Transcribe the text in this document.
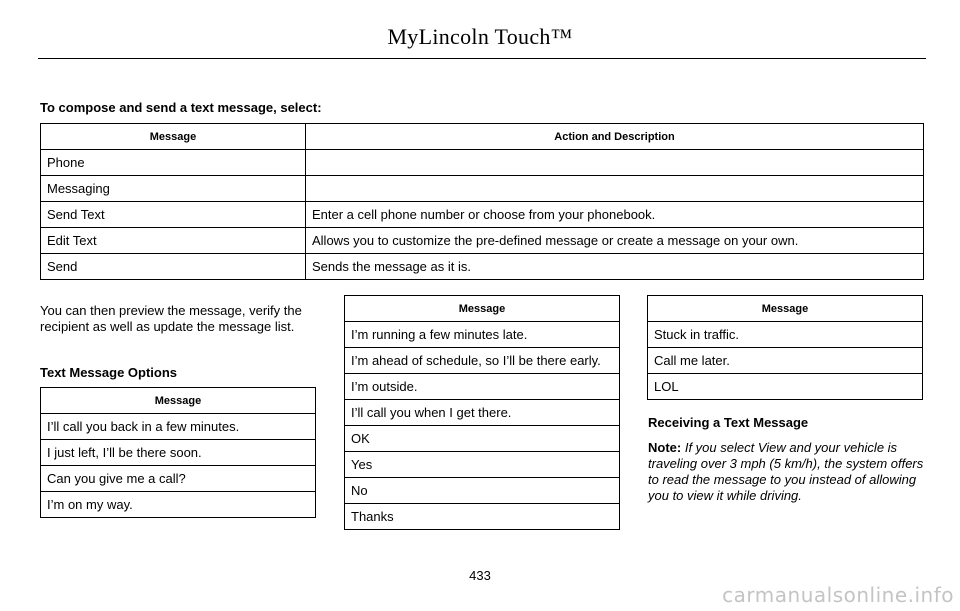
MyLincoln Touch™
To compose and send a text message, select:
Message	Action and Description
Phone	
Messaging	
Send Text	Enter a cell phone number or choose from your phonebook.
Edit Text	Allows you to customize the pre-defined message or create a message on your own.
Send	Sends the message as it is.
You can then preview the message, verify the recipient as well as update the message list.
Text Message Options
Message
I’ll call you back in a few minutes.
I just left, I’ll be there soon.
Can you give me a call?
I’m on my way.
Message
I’m running a few minutes late.
I’m ahead of schedule, so I’ll be there early.
I’m outside.
I’ll call you when I get there.
OK
Yes
No
Thanks
Message
Stuck in traffic.
Call me later.
LOL
Receiving a Text Message
Note: If you select View and your vehicle is traveling over 3 mph (5 km/h), the system offers to read the message to you instead of allowing you to view it while driving.
433
carmanualsonline.info
